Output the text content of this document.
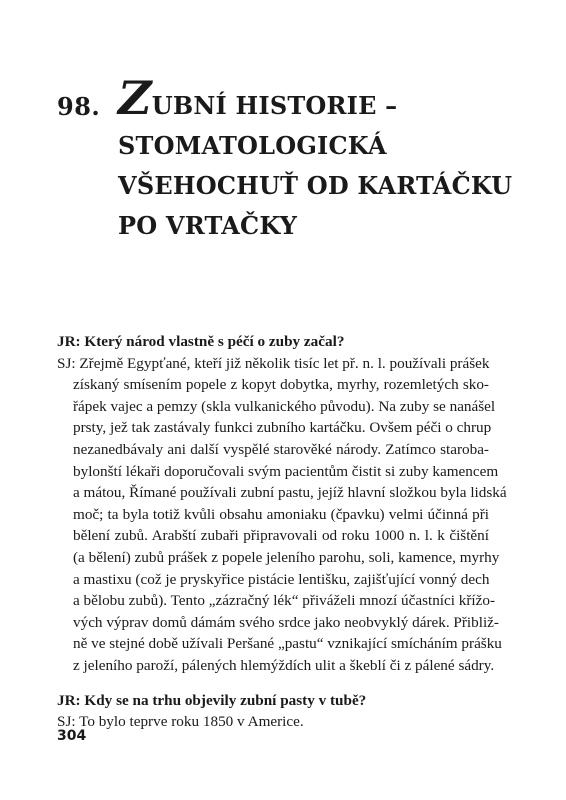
98. ZUBNÍ HISTORIE –
STOMATOLOGICKÁ
VŠEHOCHUŤ OD KARTÁČKU
PO VRTAČKY
JR: Který národ vlastně s péčí o zuby začal?
SJ: Zřejmě Egypťané, kteří již několik tisíc let př. n. l. používali prášek
získaný smísením popele z kopyt dobytka, myrhy, rozemletých sko-
řápek vajec a pemzy (skla vulkanického původu). Na zuby se nanášel
prsty, jež tak zastávaly funkci zubního kartáčku. Ovšem péči o chrup
nezanedbávaly ani další vyspělé starověké národy. Zatímco staroba-
bylonští lékaři doporučovali svým pacientům čistit si zuby kamencem
a mátou, Římané používali zubní pastu, jejíž hlavní složkou byla lidská
moč; ta byla totiž kvůli obsahu amoniaku (čpavku) velmi účinná při
bělení zubů. Arabští zubaři připravovali od roku 1000 n. l. k čištění
(a bělení) zubů prášek z popele jeleního parohu, soli, kamence, myrhy
a mastixu (což je pryskyřice pistácie lentišku, zajišťující vonný dech
a bělobu zubů). Tento „zázračný lék“ přiváželi mnozí účastníci křížo-
vých výprav domů dámám svého srdce jako neobvyklý dárek. Přibliž-
ně ve stejné době užívali Peršané „pastu“ vznikající smícháním prášku
z jeleního paroží, pálených hlemýždích ulit a škeblí či z pálené sádry.
JR: Kdy se na trhu objevily zubní pasty v tubě?
SJ: To bylo teprve roku 1850 v Americe.
304
